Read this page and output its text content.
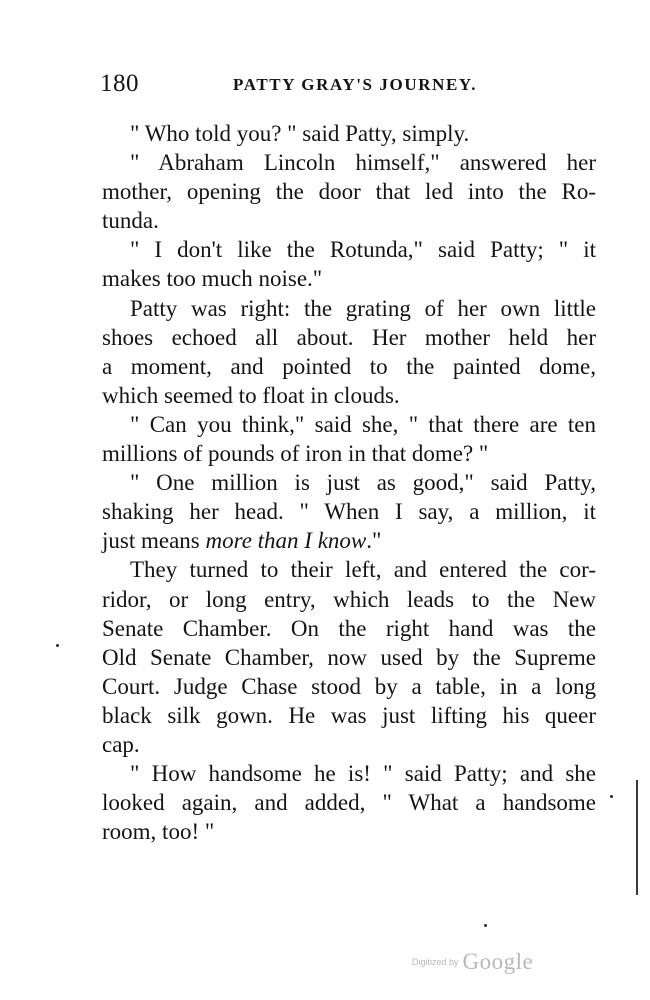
180	PATTY GRAY'S JOURNEY.
" Who told you? " said Patty, simply.
" Abraham Lincoln himself," answered her
mother, opening the door that led into the Ro-
tunda.
" I don't like the Rotunda," said Patty; " it
makes too much noise."
Patty was right: the grating of her own little
shoes echoed all about. Her mother held her
a moment, and pointed to the painted dome,
which seemed to float in clouds.
" Can you think," said she, " that there are ten
millions of pounds of iron in that dome? "
" One million is just as good," said Patty,
shaking her head. " When I say, a million, it
just means more than I know."
They turned to their left, and entered the cor-
ridor, or long entry, which leads to the New
Senate Chamber. On the right hand was the
Old Senate Chamber, now used by the Supreme
Court. Judge Chase stood by a table, in a long
black silk gown. He was just lifting his queer
cap.
" How handsome he is! " said Patty; and she
looked again, and added, " What a handsome
room, too! "
Digitized by Google
